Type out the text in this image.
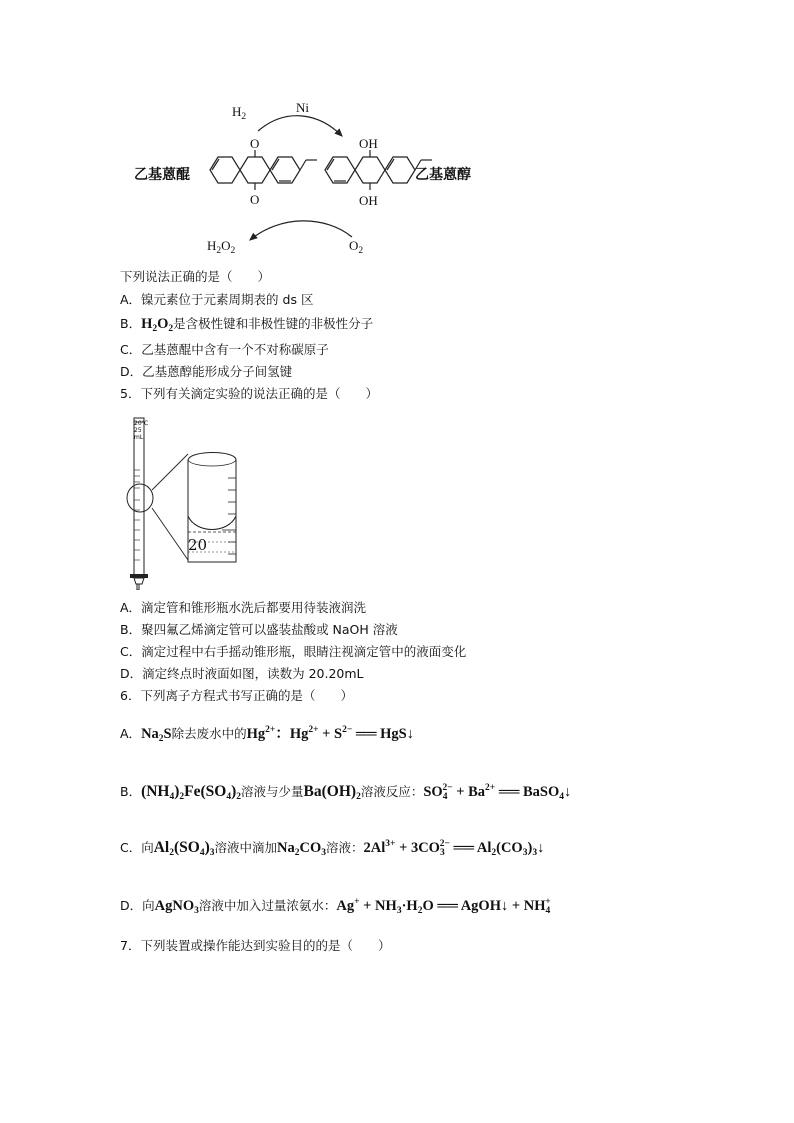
$H_2$
Ni
O
O
OH
OH
乙基蒽醌	乙基蒽醇
$H_2O_2$	$O_2$
下列说法正确的是（　　）
A．镍元素位于元素周期表的 ds 区
B．$H_2O_2$是含极性键和非极性键的非极性分子
C．乙基蒽醌中含有一个不对称碳原子
D．乙基蒽醇能形成分子间氢键
5．下列有关滴定实验的说法正确的是（　　）
20℃
25
mL
20
A．滴定管和锥形瓶水洗后都要用待装液润洗
B．聚四氟乙烯滴定管可以盛装盐酸或 NaOH 溶液
C．滴定过程中右手摇动锥形瓶，眼睛注视滴定管中的液面变化
D．滴定终点时液面如图，读数为 20.20mL
6．下列离子方程式书写正确的是（　　）
A．$Na_2S$除去废水中的$Hg^{2+}$：$Hg^{2+} + S^{2-}$ ══ HgS↓
B．$(NH_4)_2Fe(SO_4)_2$溶液与少量$Ba(OH)_2$溶液反应：$SO_4^{2-} + Ba^{2+}$ ══ BaSO$_4$↓
C．向$Al_2(SO_4)_3$溶液中滴加$Na_2CO_3$溶液：$2Al^{3+} + 3CO_3^{2-}$ ══ $Al_2(CO_3)_3↓$
D．向AgNO$_3$溶液中加入过量浓氨水：$Ag^+ + NH_3\cdot H_2O$ ══ AgOH↓ + $NH_4^+$
7．下列装置或操作能达到实验目的的是（　　）
